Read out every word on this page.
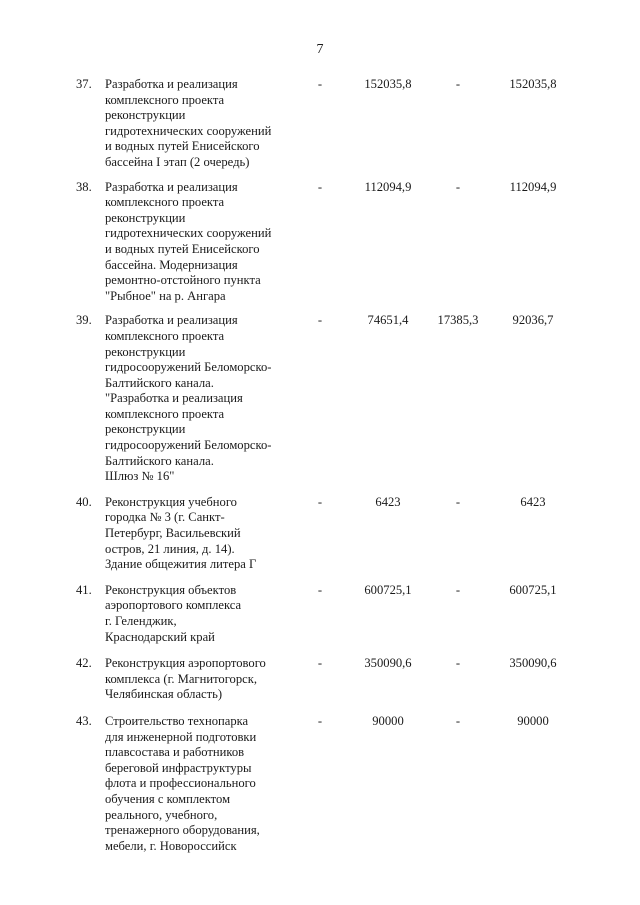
7
37.	Разработка и реализация
комплексного проекта
реконструкции
гидротехнических сооружений
и водных путей Енисейского
бассейна I этап (2 очередь)
-	152035,8	-	152035,8
38.	Разработка и реализация
комплексного проекта
реконструкции
гидротехнических сооружений
и водных путей Енисейского
бассейна. Модернизация
ремонтно-отстойного пункта
"Рыбное" на р. Ангара
-	112094,9	-	112094,9
39.	Разработка и реализация
комплексного проекта
реконструкции
гидросооружений Беломорско-
Балтийского канала.
"Разработка и реализация
комплексного проекта
реконструкции
гидросооружений Беломорско-
Балтийского канала.
Шлюз № 16"
-	74651,4	17385,3	92036,7
40.	Реконструкция учебного
городка № 3 (г. Санкт-
Петербург, Васильевский
остров, 21 линия, д. 14).
Здание общежития литера Г
-	6423	-	6423
41.	Реконструкция объектов
аэропортового комплекса
г. Геленджик,
Краснодарский край
-	600725,1	-	600725,1
42.	Реконструкция аэропортового
комплекса (г. Магнитогорск,
Челябинская область)
-	350090,6	-	350090,6
43.	Строительство технопарка
для инженерной подготовки
плавсостава и работников
береговой инфраструктуры
флота и профессионального
обучения с комплектом
реального, учебного,
тренажерного оборудования,
мебели, г. Новороссийск
-	90000	-	90000
